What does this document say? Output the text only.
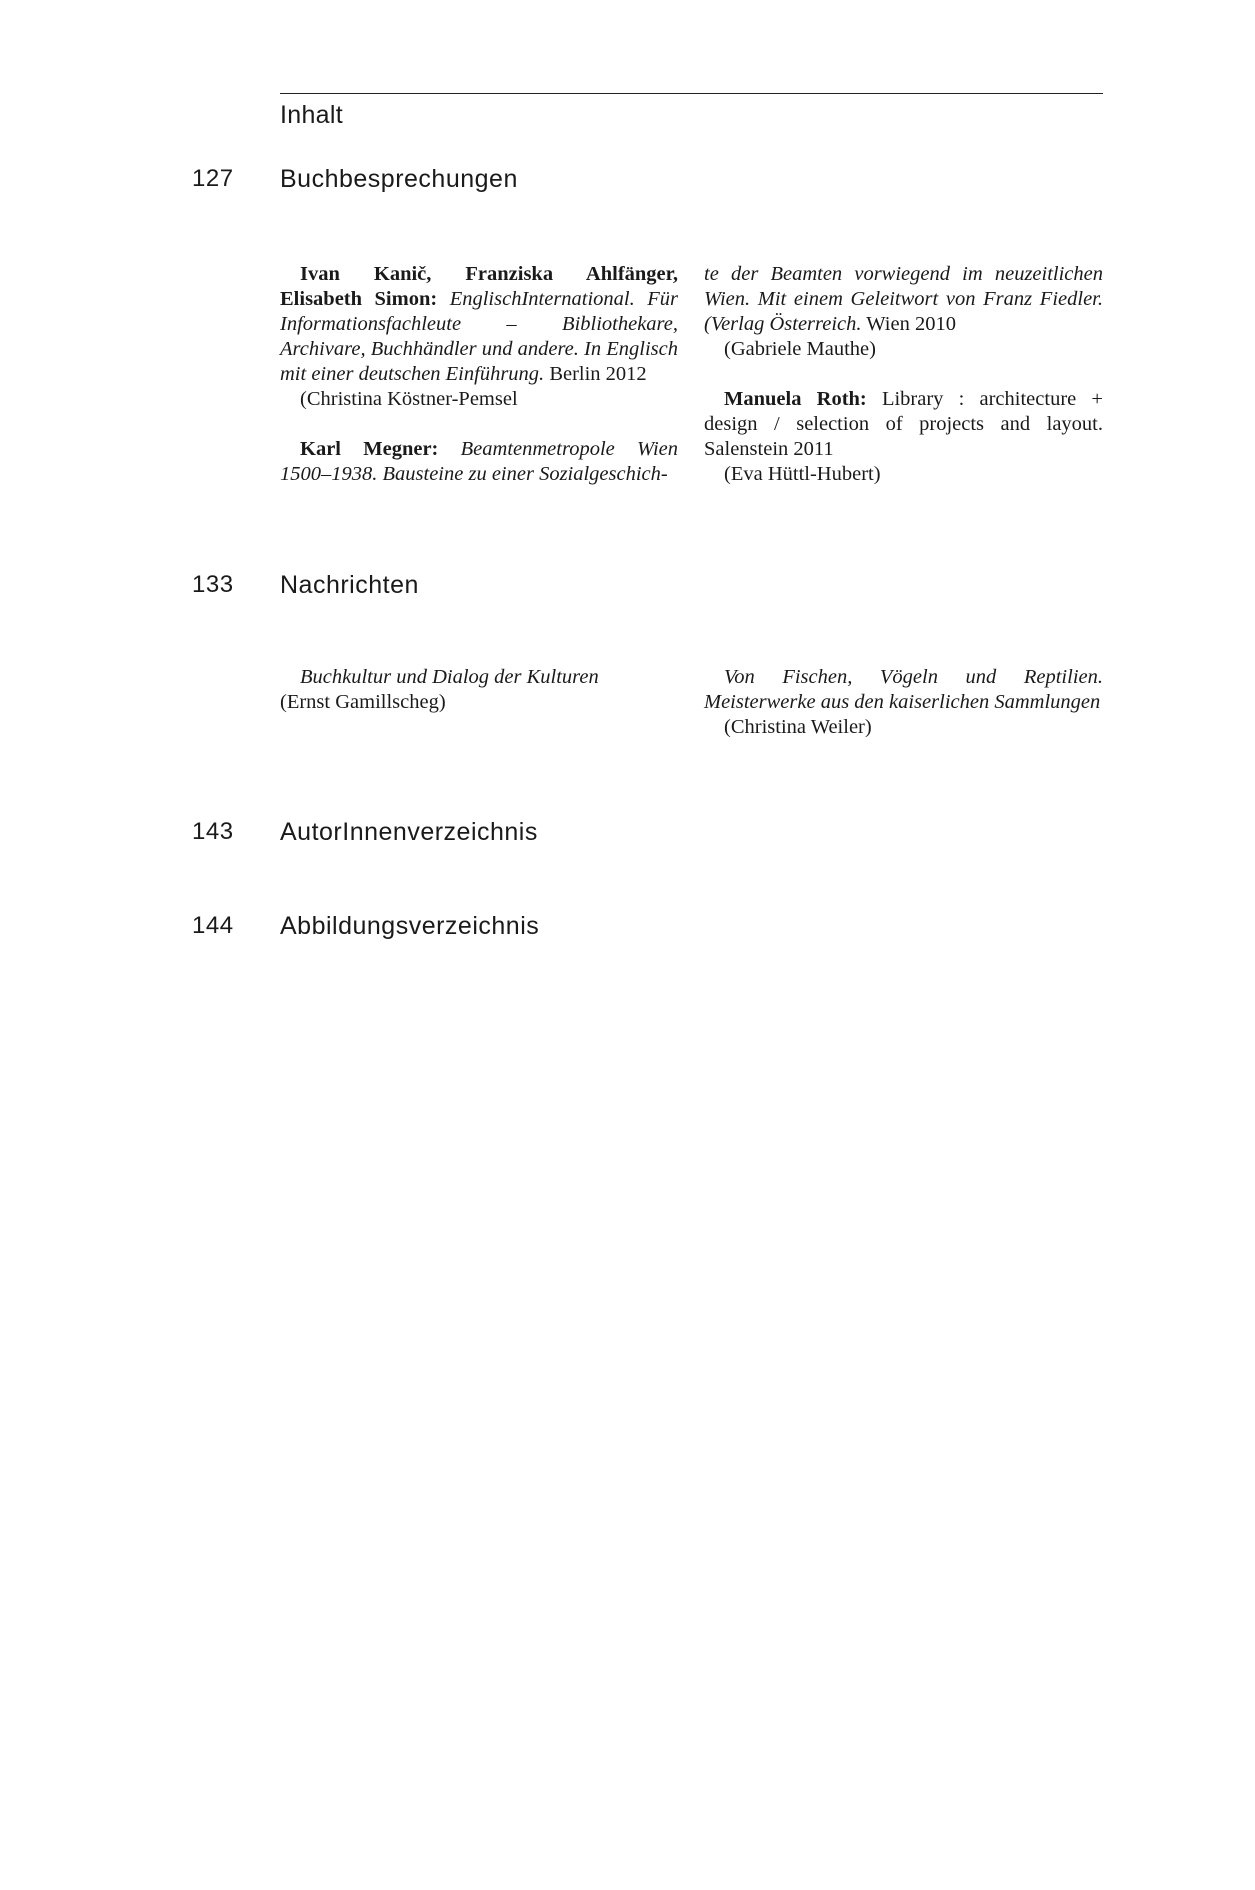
Inhalt
127 Buchbesprechungen

Ivan Kanič, Franziska Ahlfänger, Elisabeth Simon: EnglischInternational. Für Informationsfachleute – Bibliothekare, Archivare, Buchhändler und andere. In Englisch mit einer deutschen Einführung. Berlin 2012

(Christina Köstner-Pemsel

Karl Megner: Beamtenmetropole Wien 1500–1938. Bausteine zu einer Sozialgeschich-

te der Beamten vorwiegend im neuzeitlichen Wien. Mit einem Geleitwort von Franz Fiedler. (Verlag Österreich. Wien 2010

(Gabriele Mauthe)

Manuela Roth: Library : architecture + design / selection of projects and layout. Salenstein 2011

(Eva Hüttl-Hubert)

133 Nachrichten

Buchkultur und Dialog der Kulturen

(Ernst Gamillscheg)

Von Fischen, Vögeln und Reptilien. Meisterwerke aus den kaiserlichen Sammlungen

(Christina Weiler)

143 AutorInnenverzeichnis
144 Abbildungsverzeichnis
